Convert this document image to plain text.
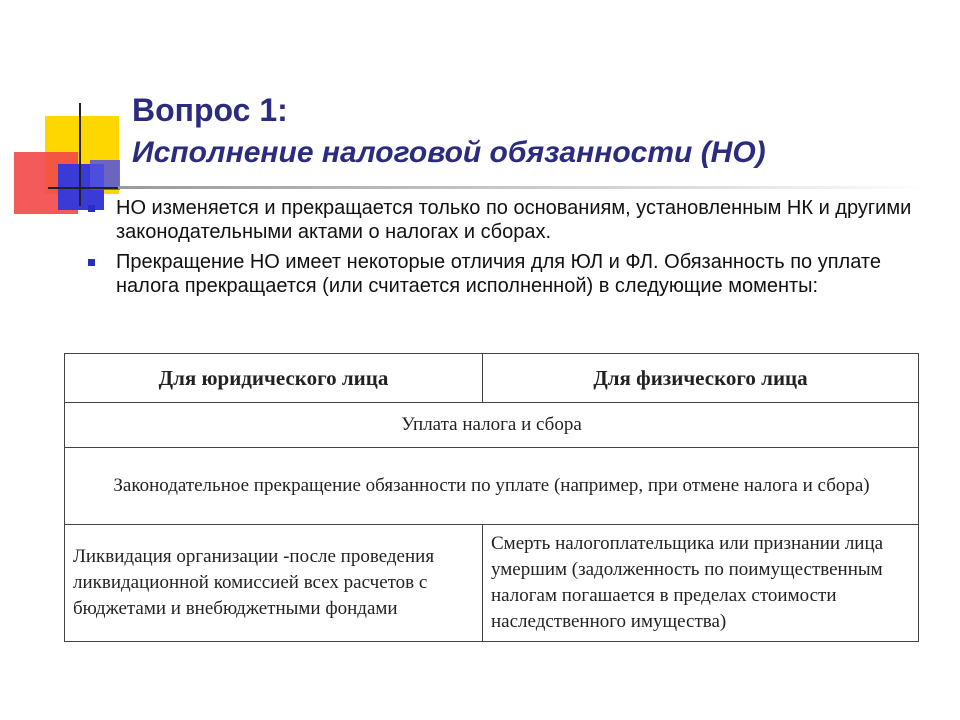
Вопрос 1:
Исполнение налоговой обязанности (НО)
НО изменяется и прекращается только по основаниям, установленным НК и другими законодательными актами о налогах и сборах.
Прекращение НО имеет некоторые отличия для ЮЛ и ФЛ. Обязанность по уплате налога прекращается (или считается исполненной) в следующие моменты:
Для юридического лица	Для физического лица
Уплата налога и сбора	
Законодательное прекращение обязанности по уплате (например, при отмене налога и сбора)	
Ликвидация организации -после проведения ликвидационной комиссией всех расчетов с бюджетами и внебюджетными фондами	Смерть налогоплательщика или признании лица умершим (задолженность по поимущественным налогам погашается в пределах стоимости наследственного имущества)
